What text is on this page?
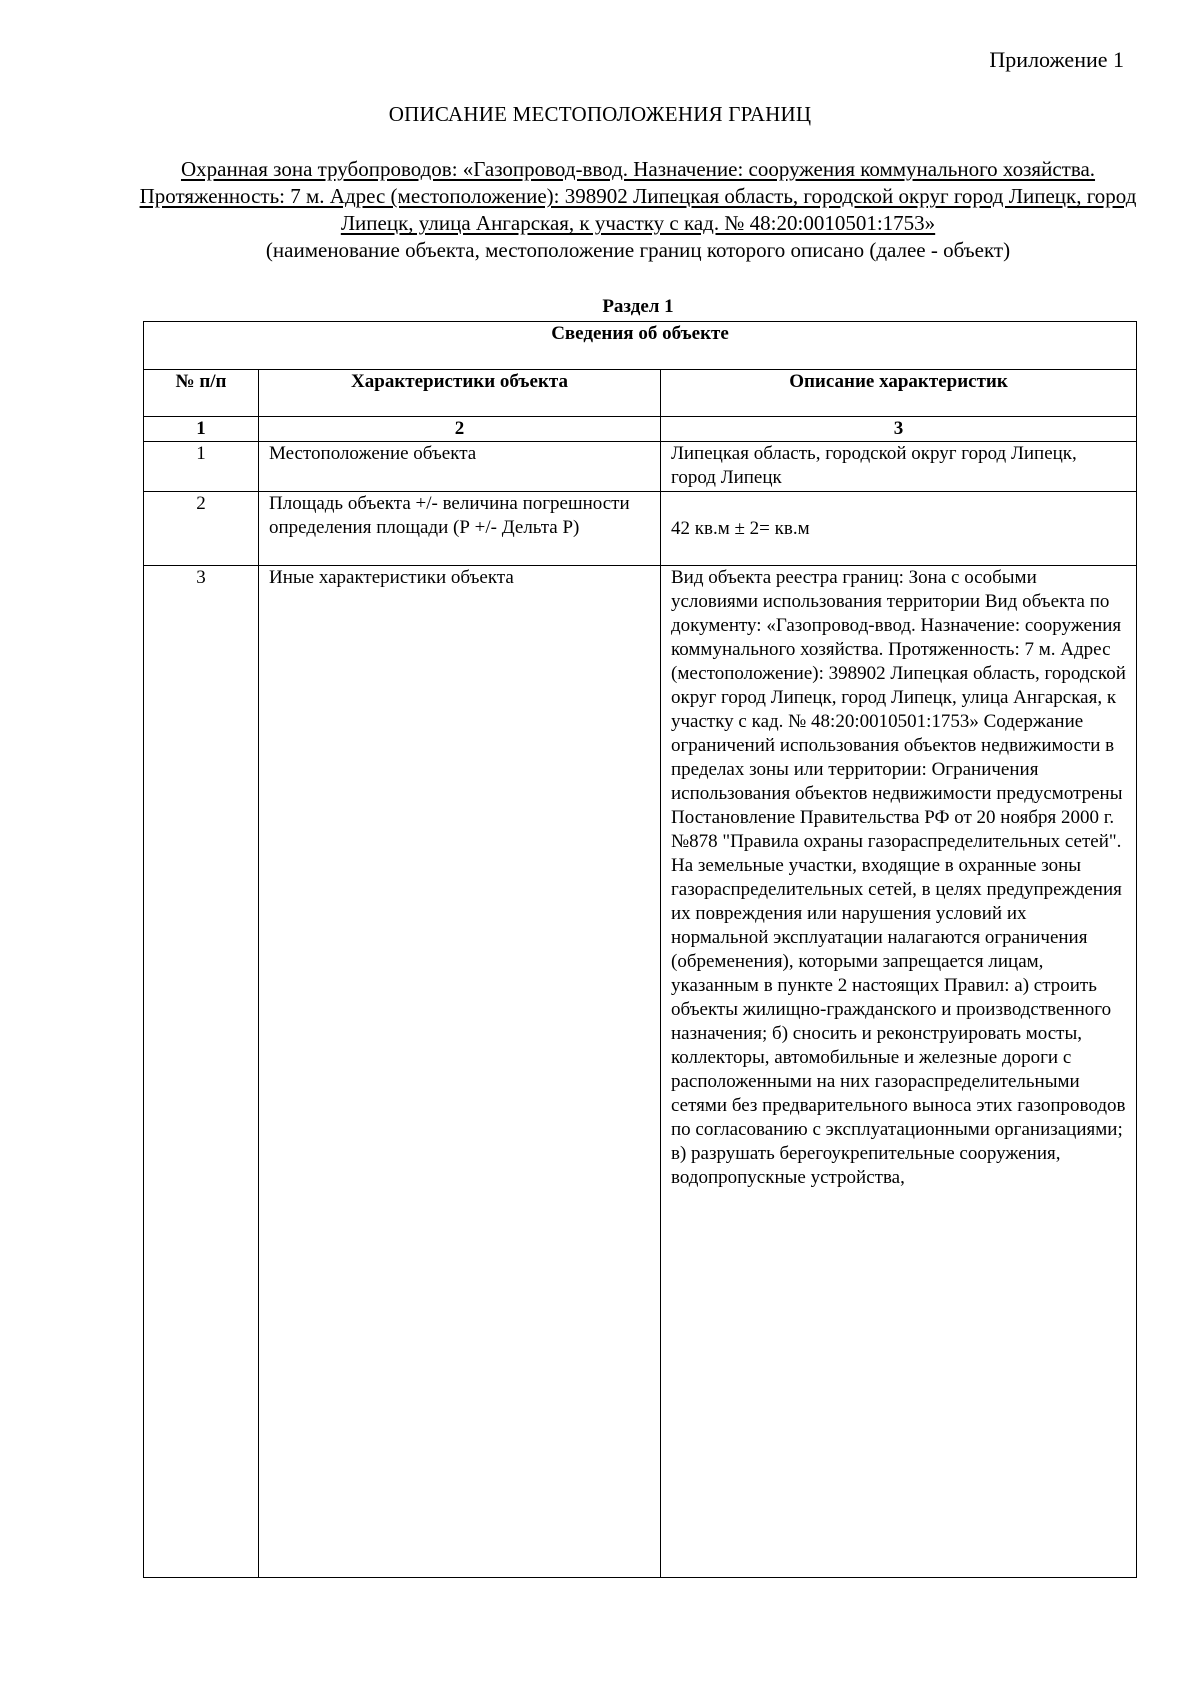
Приложение 1
ОПИСАНИЕ МЕСТОПОЛОЖЕНИЯ ГРАНИЦ
Охранная зона трубопроводов: «Газопровод-ввод. Назначение: сооружения коммунального хозяйства. Протяженность: 7 м. Адрес (местоположение): 398902 Липецкая область, городской округ город Липецк, город Липецк, улица Ангарская, к участку с кад. № 48:20:0010501:1753»
(наименование объекта, местоположение границ которого описано (далее - объект)
Раздел 1
Сведения об объекте		
№ п/п	Характеристики объекта	Описание характеристик
1	2	3
1	Местоположение объекта	Липецкая область, городской округ город Липецк, город Липецк
2	Площадь объекта +/- величина погрешности определения площади (Р +/- Дельта Р)	42 кв.м ± 2= кв.м
3	Иные характеристики объекта	Вид объекта реестра границ: Зона с особыми условиями использования территории Вид объекта по документу: «Газопровод-ввод. Назначение: сооружения коммунального хозяйства. Протяженность: 7 м. Адрес (местоположение): 398902 Липецкая область, городской округ город Липецк, город Липецк, улица Ангарская, к участку с кад. № 48:20:0010501:1753» Содержание ограничений использования объектов недвижимости в пределах зоны или территории: Ограничения использования объектов недвижимости предусмотрены Постановление Правительства РФ от 20 ноября 2000 г. №878 "Правила охраны газораспределительных сетей". На земельные участки, входящие в охранные зоны газораспределительных сетей, в целях предупреждения их повреждения или нарушения условий их нормальной эксплуатации налагаются ограничения (обременения), которыми запрещается лицам, указанным в пункте 2 настоящих Правил: а) строить объекты жилищно-гражданского и производственного назначения; б) сносить и реконструировать мосты, коллекторы, автомобильные и железные дороги с расположенными на них газораспределительными сетями без предварительного выноса этих газопроводов по согласованию с эксплуатационными организациями; в) разрушать берегоукрепительные сооружения, водопропускные устройства,
